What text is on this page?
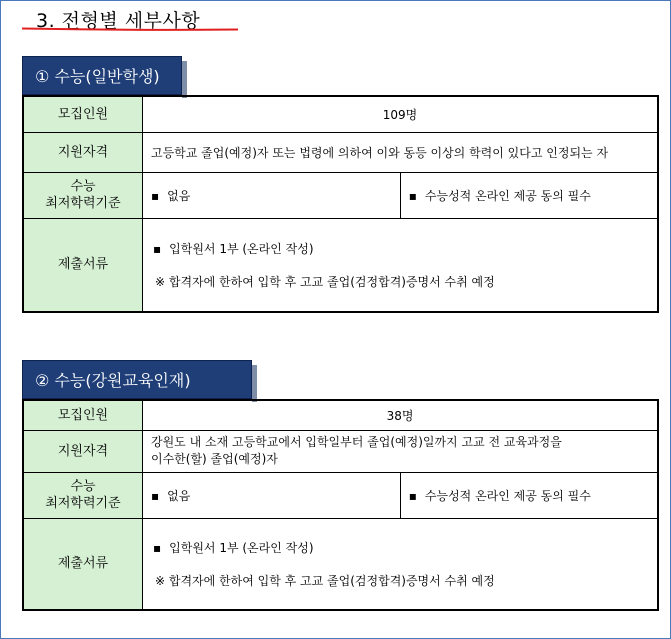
3. 전형별 세부사항
① 수능(일반학생)
모집인원	109명	
지원자격	고등학교 졸업(예정)자 또는 법령에 의하여 이와 동등 이상의 학력이 있다고 인정되는 자	

수능
최저학력기준	▪ 없음	▪ 수능성적 온라인 제공 동의 필수
제출서류	▪ 입학원서 1부 (온라인 작성)
※ 합격자에 한하여 입학 후 고교 졸업(검정합격)증명서 수취 예정
② 수능(강원교육인재)
모집인원	38명	
지원자격	강원도 내 소재 고등학교에서 입학일부터 졸업(예정)일까지 고교 전 교육과정을
이수한(할) 졸업(예정)자	

수능
최저학력기준	▪ 없음	▪ 수능성적 온라인 제공 동의 필수
제출서류	▪ 입학원서 1부 (온라인 작성)
※ 합격자에 한하여 입학 후 고교 졸업(검정합격)증명서 수취 예정
